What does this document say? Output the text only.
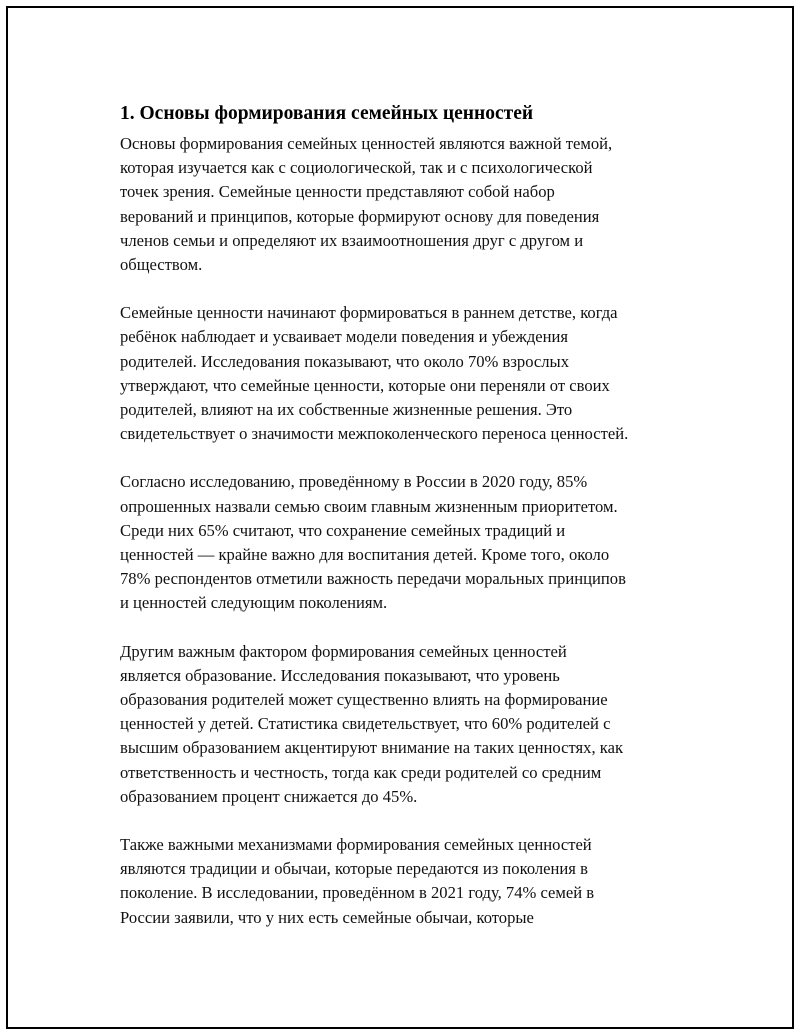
1. Основы формирования семейных ценностей

Основы формирования семейных ценностей являются важной темой,
которая изучается как с социологической, так и с психологической
точек зрения. Семейные ценности представляют собой набор
верований и принципов, которые формируют основу для поведения
членов семьи и определяют их взаимоотношения друг с другом и
обществом.

Семейные ценности начинают формироваться в раннем детстве, когда
ребёнок наблюдает и усваивает модели поведения и убеждения
родителей. Исследования показывают, что около 70% взрослых
утверждают, что семейные ценности, которые они переняли от своих
родителей, влияют на их собственные жизненные решения. Это
свидетельствует о значимости межпоколенческого переноса ценностей.

Согласно исследованию, проведённому в России в 2020 году, 85%
опрошенных назвали семью своим главным жизненным приоритетом.
Среди них 65% считают, что сохранение семейных традиций и
ценностей — крайне важно для воспитания детей. Кроме того, около
78% респондентов отметили важность передачи моральных принципов
и ценностей следующим поколениям.

Другим важным фактором формирования семейных ценностей
является образование. Исследования показывают, что уровень
образования родителей может существенно влиять на формирование
ценностей у детей. Статистика свидетельствует, что 60% родителей с
высшим образованием акцентируют внимание на таких ценностях, как
ответственность и честность, тогда как среди родителей со средним
образованием процент снижается до 45%.

Также важными механизмами формирования семейных ценностей
являются традиции и обычаи, которые передаются из поколения в
поколение. В исследовании, проведённом в 2021 году, 74% семей в
России заявили, что у них есть семейные обычаи, которые
